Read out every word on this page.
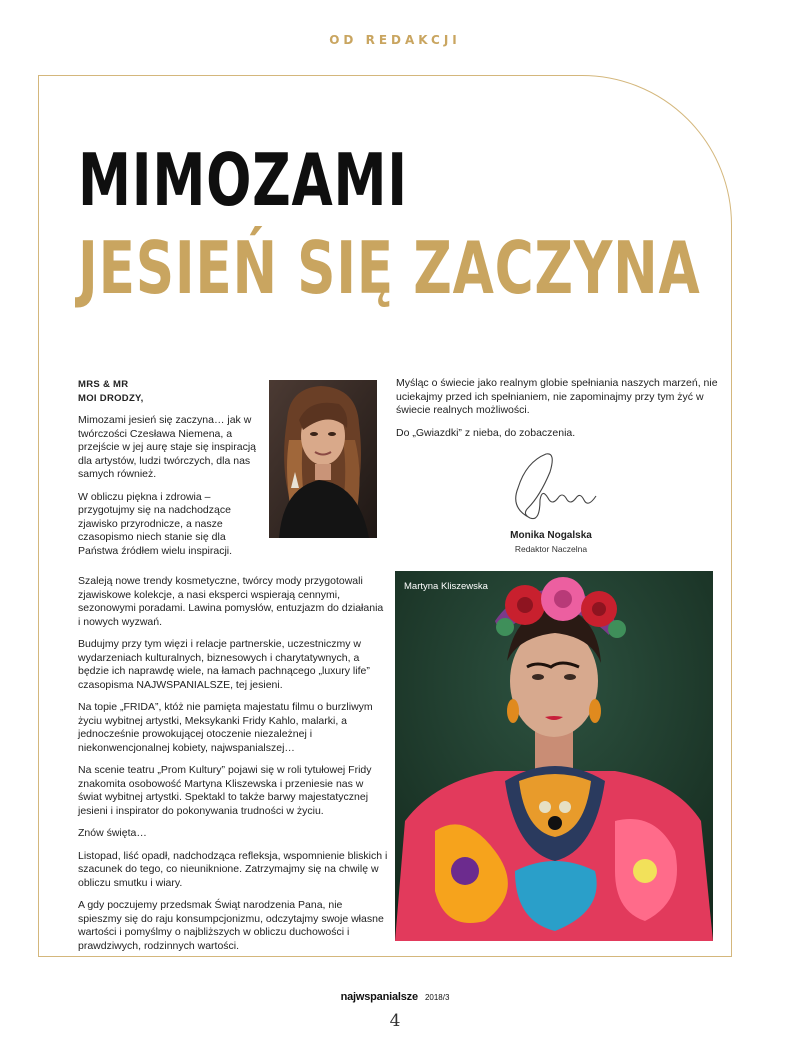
OD REDAKCJI
MIMOZAMI
JESIEŃ SIĘ ZACZYNA
MRS & MR
MOI DRODZY,

Mimozami jesień się zaczyna… jak w twórczości Czesława Niemena, a przejście w jej aurę staje się inspiracją dla artystów, ludzi twórczych, dla nas samych również.

W obliczu piękna i zdrowia – przygotujmy się na nadchodzące zjawisko przyrodnicze, a nasze czasopismo niech stanie się dla Państwa źródłem wielu inspiracji.

Szaleją nowe trendy kosmetyczne, twórcy mody przygotowali zjawiskowe kolekcje, a nasi eksperci wspierają cennymi, sezonowymi poradami. Lawina pomysłów, entuzjazm do działania i nowych wyzwań.

Budujmy przy tym więzi i relacje partnerskie, uczestniczmy w wydarzeniach kulturalnych, biznesowych i charytatywnych, a będzie ich naprawdę wiele, na łamach pachnącego „luxury life” czasopisma NAJWSPANIALSZE, tej jesieni.

Na topie „FRIDA”, któż nie pamięta majestatu filmu o burzliwym życiu wybitnej artystki, Meksykanki Fridy Kahlo, malarki, a jednocześnie prowokującej otoczenie niezależnej i niekonwencjonalnej kobiety, najwspanialszej…

Na scenie teatru „Prom Kultury” pojawi się w roli tytułowej Fridy znakomita osobowość Martyna Kliszewska i przeniesie nas w świat wybitnej artystki. Spektakl to także barwy majestatycznej jesieni i inspirator do pokonywania trudności w życiu.

Znów święta…

Listopad, liść opadł, nadchodząca refleksja, wspomnienie bliskich i szacunek do tego, co nieuniknione. Zatrzymajmy się na chwilę w obliczu smutku i wiary.

A gdy poczujemy przedsmak Świąt narodzenia Pana, nie spieszmy się do raju konsumpcjonizmu, odczytajmy swoje własne wartości i pomyślmy o najbliższych w obliczu duchowości i prawdziwych, rodzinnych wartości.

Myśląc o świecie jako realnym globie spełniania naszych marzeń, nie uciekajmy przed ich spełnianiem, nie zapominajmy przy tym żyć w świecie realnych możliwości.

Do „Gwiazdki” z nieba, do zobaczenia.

Monika Nogalska
Redaktor Naczelna
Martyna Kliszewska
najwspanialsze 2018/3
4
